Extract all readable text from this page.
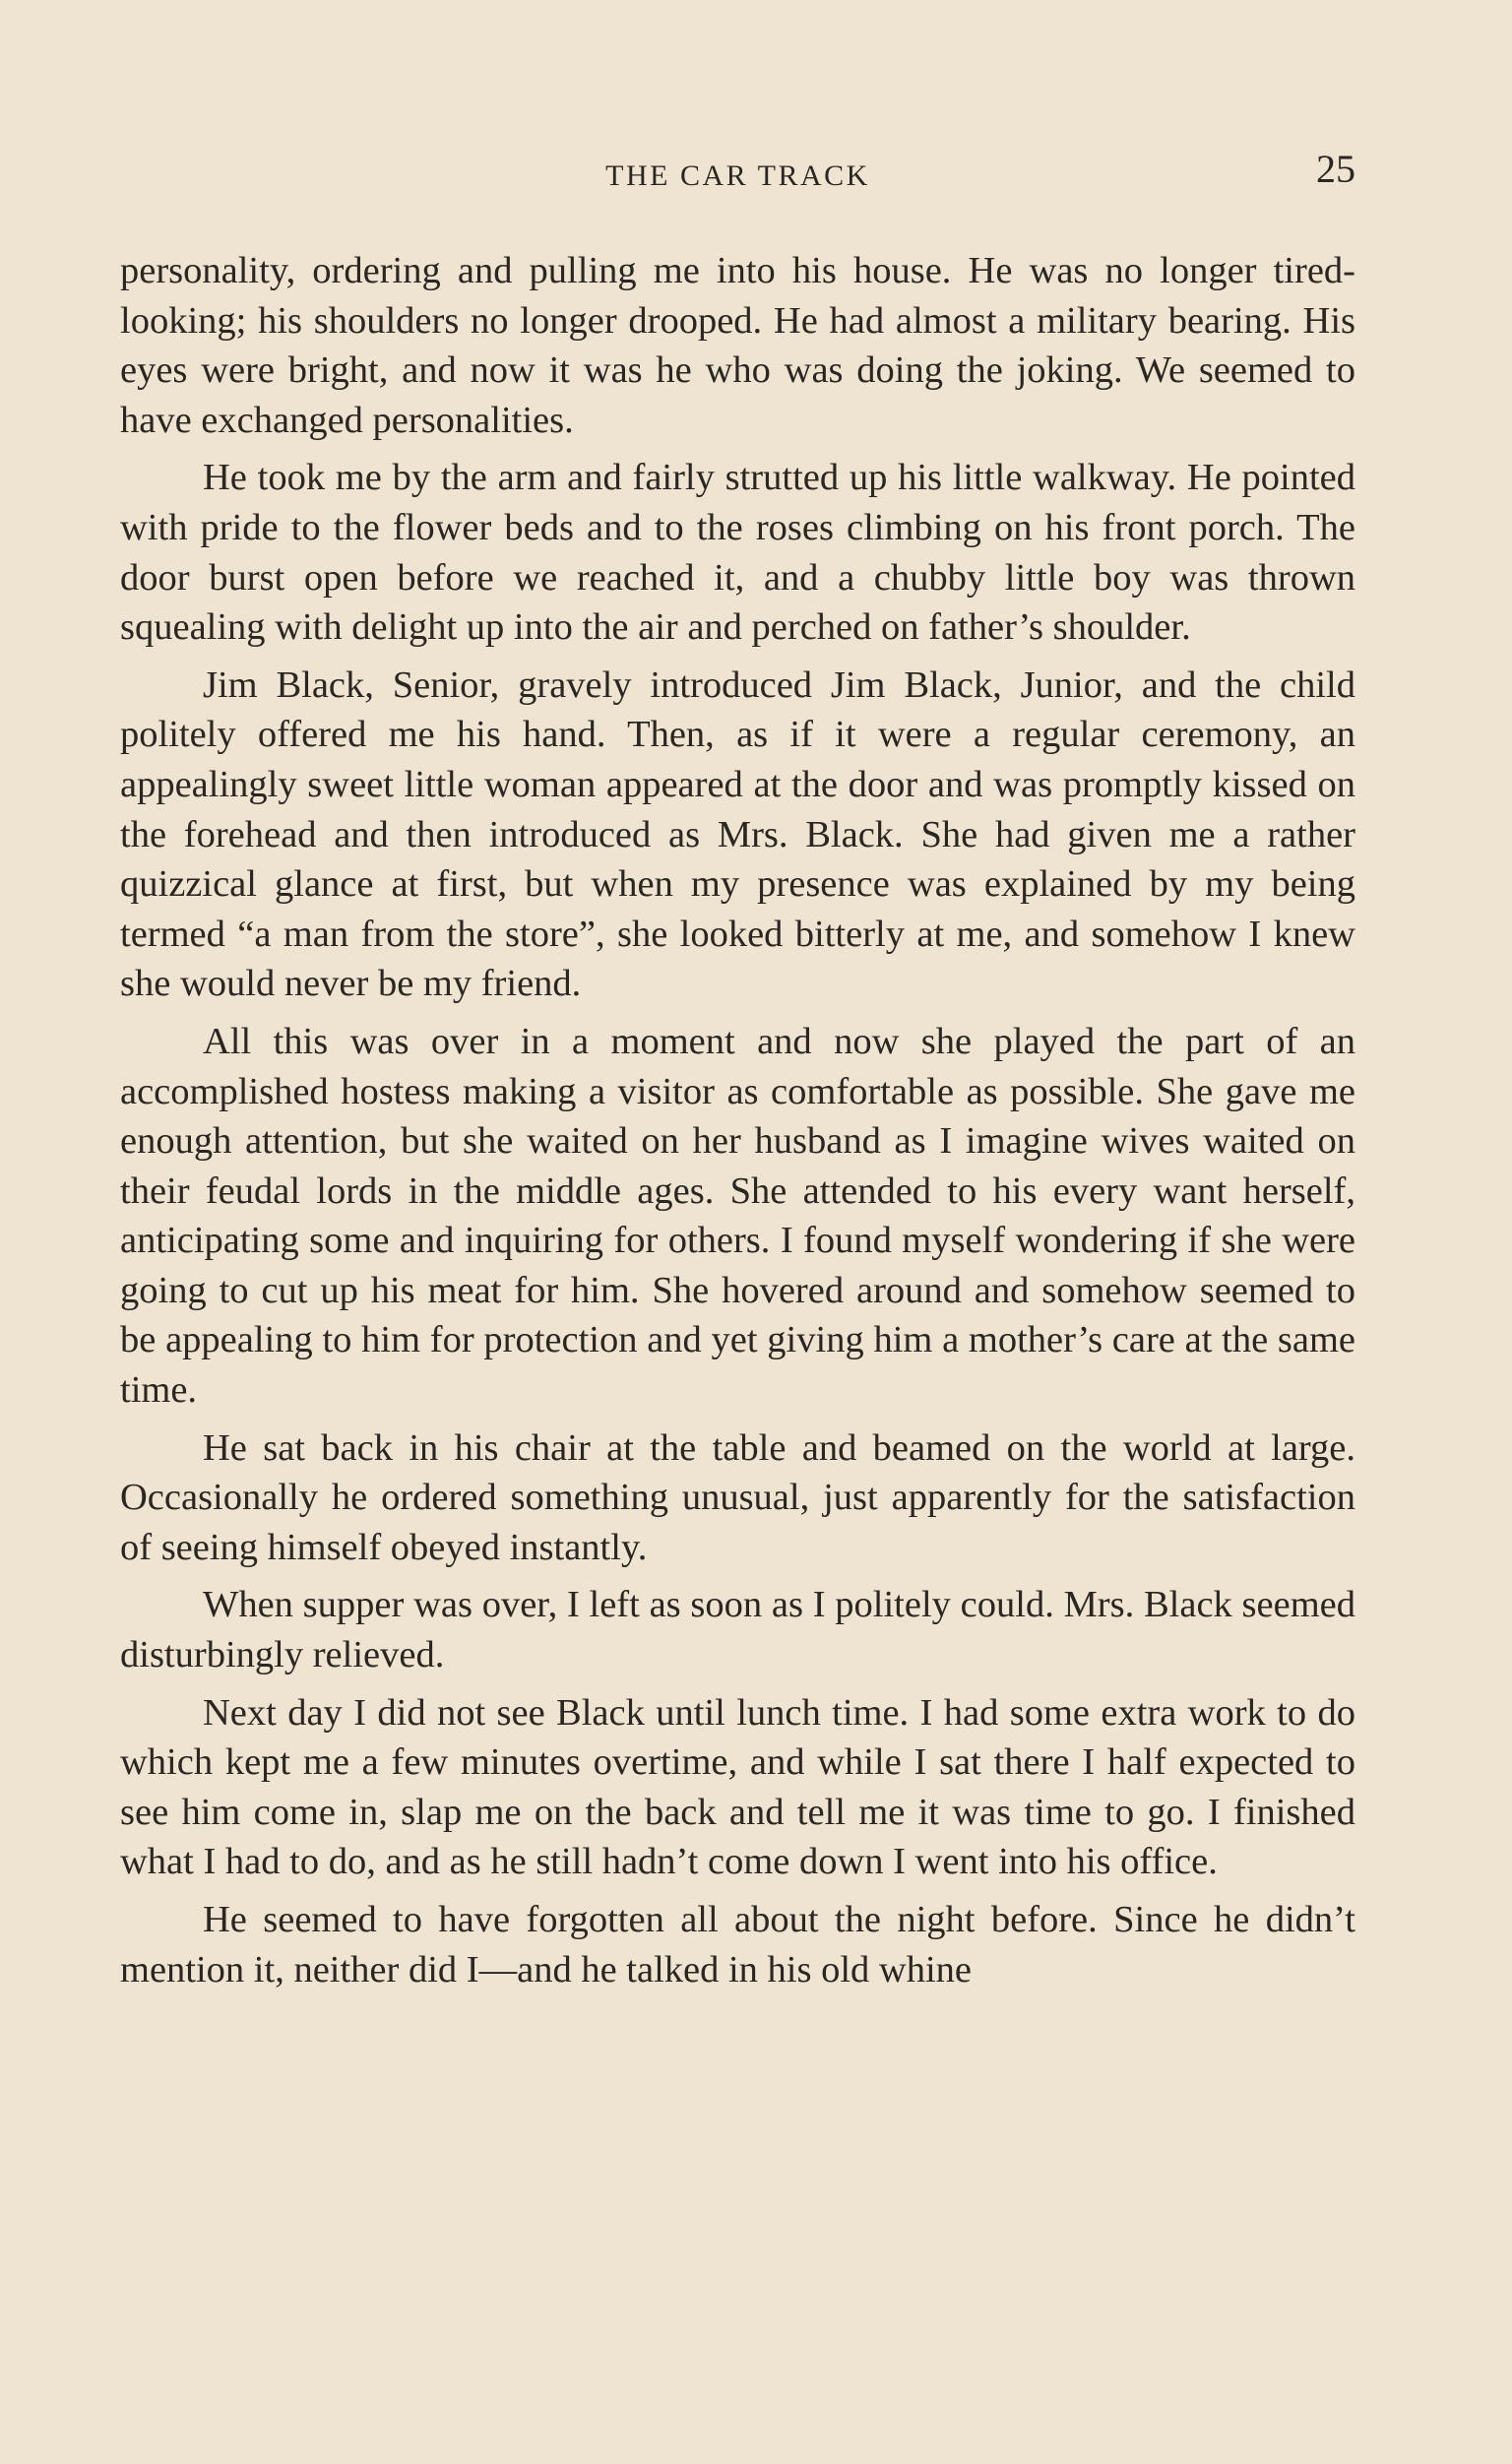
THE CAR TRACK	25

personality, ordering and pulling me into his house. He was no longer tired-looking; his shoulders no longer drooped. He had almost a military bearing. His eyes were bright, and now it was he who was doing the joking. We seemed to have exchanged personalities.

He took me by the arm and fairly strutted up his little walkway. He pointed with pride to the flower beds and to the roses climbing on his front porch. The door burst open before we reached it, and a chubby little boy was thrown squealing with delight up into the air and perched on father’s shoulder.

Jim Black, Senior, gravely introduced Jim Black, Junior, and the child politely offered me his hand. Then, as if it were a regular ceremony, an appealingly sweet little woman appeared at the door and was promptly kissed on the forehead and then introduced as Mrs. Black. She had given me a rather quizzical glance at first, but when my presence was explained by my being termed “a man from the store”, she looked bitterly at me, and somehow I knew she would never be my friend.

All this was over in a moment and now she played the part of an accomplished hostess making a visitor as comfortable as possible. She gave me enough attention, but she waited on her husband as I imagine wives waited on their feudal lords in the middle ages. She attended to his every want herself, anticipating some and inquiring for others. I found myself wondering if she were going to cut up his meat for him. She hovered around and somehow seemed to be appealing to him for protection and yet giving him a mother’s care at the same time.

He sat back in his chair at the table and beamed on the world at large. Occasionally he ordered something unusual, just apparently for the satisfaction of seeing himself obeyed instantly.

When supper was over, I left as soon as I politely could. Mrs. Black seemed disturbingly relieved.

Next day I did not see Black until lunch time. I had some extra work to do which kept me a few minutes overtime, and while I sat there I half expected to see him come in, slap me on the back and tell me it was time to go. I finished what I had to do, and as he still hadn’t come down I went into his office.

He seemed to have forgotten all about the night before. Since he didn’t mention it, neither did I—and he talked in his old whine
